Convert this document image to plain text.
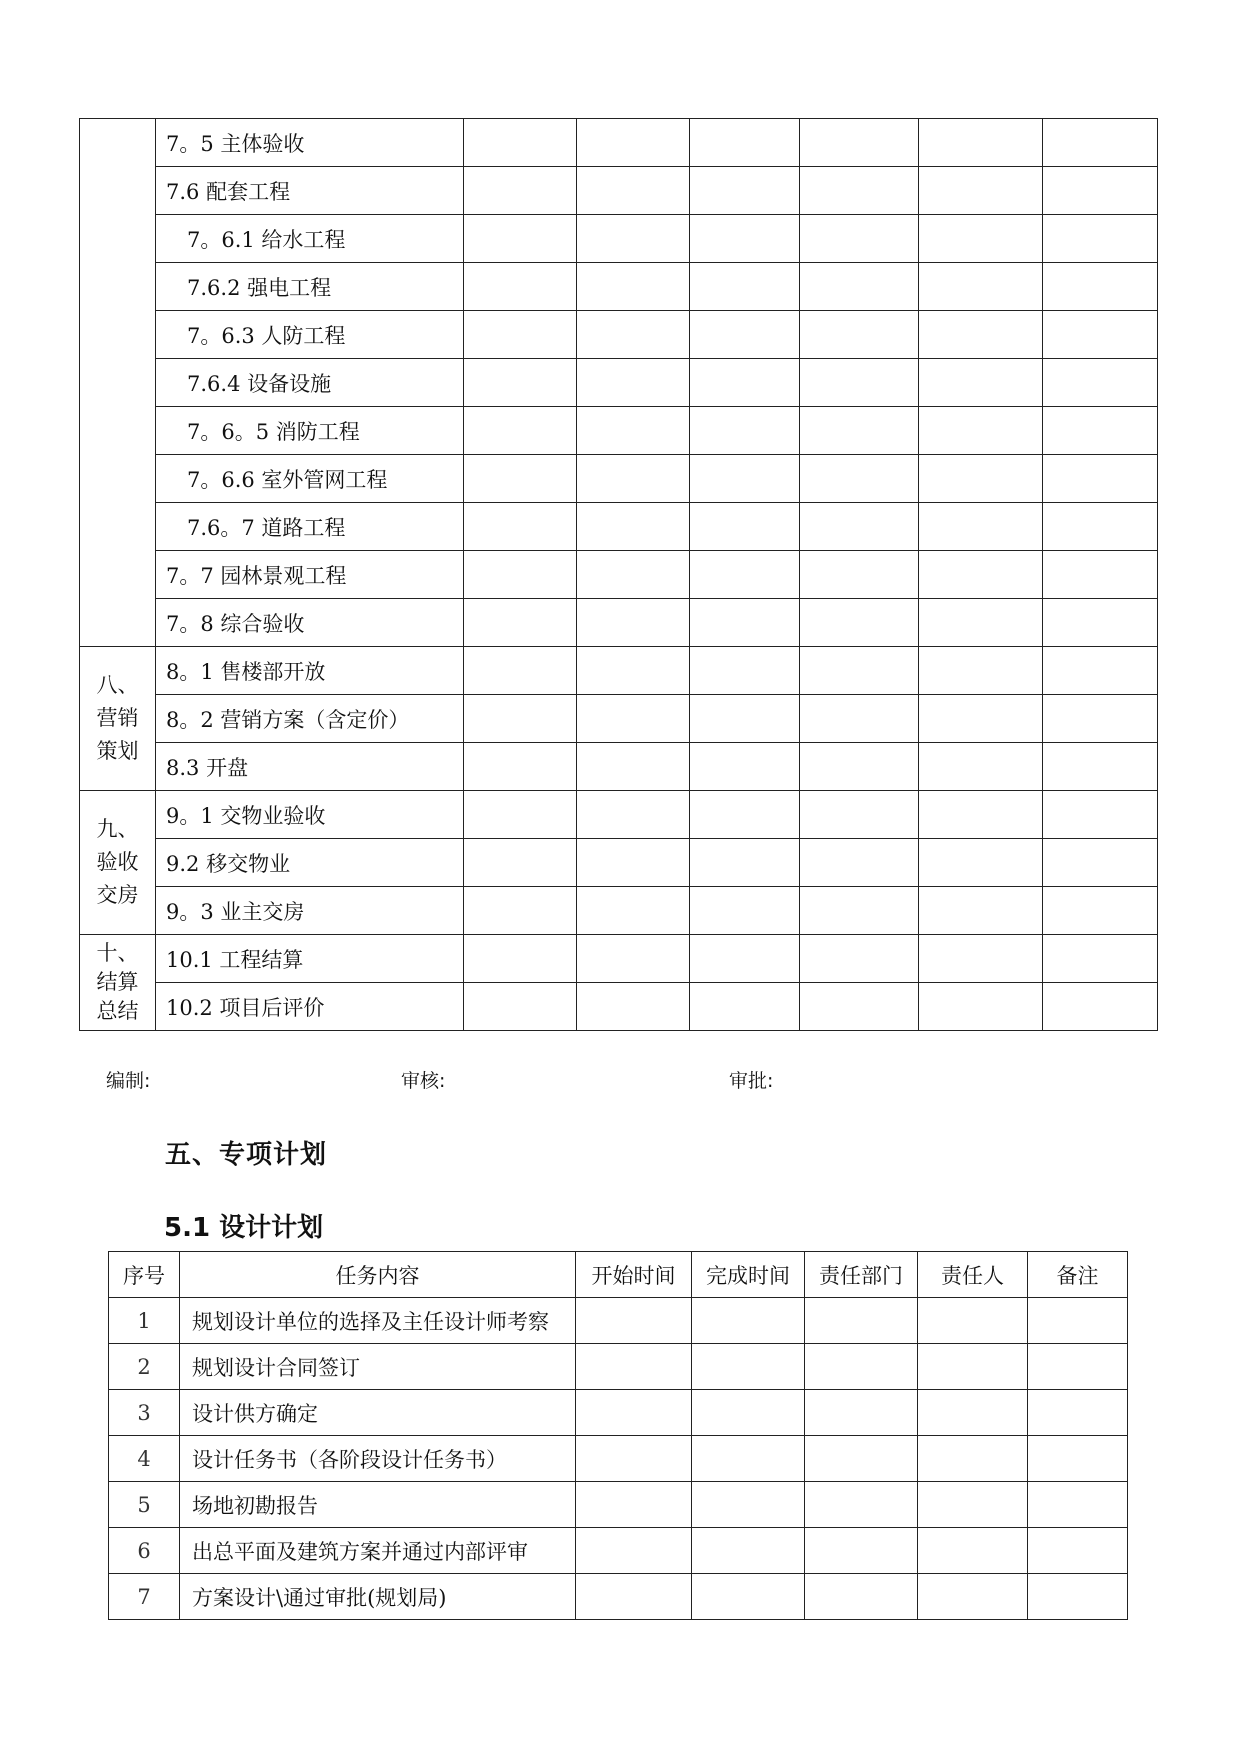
	7。5 主体验收						
	7.6 配套工程						
	7。6.1 给水工程						
	7.6.2 强电工程						
	7。6.3 人防工程						
	7.6.4 设备设施						
	7。6。5 消防工程						
	7。6.6 室外管网工程						
	7.6。7 道路工程						
	7。7 园林景观工程						
	7。8 综合验收						

八、
营销
策划	8。1 售楼部开放						
	8。2 营销方案（含定价）						
	8.3 开盘						

九、
验收
交房	9。1 交物业验收						
	9.2 移交物业						
	9。3 业主交房						

十、
结算
总结	10.1 工程结算						
	10.2 项目后评价						
编制:	审核:	审批:
五、专项计划
5.1 设计计划
序号	任务内容	开始时间	完成时间	责任部门	责任人	备注
1	规划设计单位的选择及主任设计师考察					
2	规划设计合同签订					
3	设计供方确定					
4	设计任务书（各阶段设计任务书）					
5	场地初勘报告					
6	出总平面及建筑方案并通过内部评审					
7	方案设计\通过审批(规划局)					
